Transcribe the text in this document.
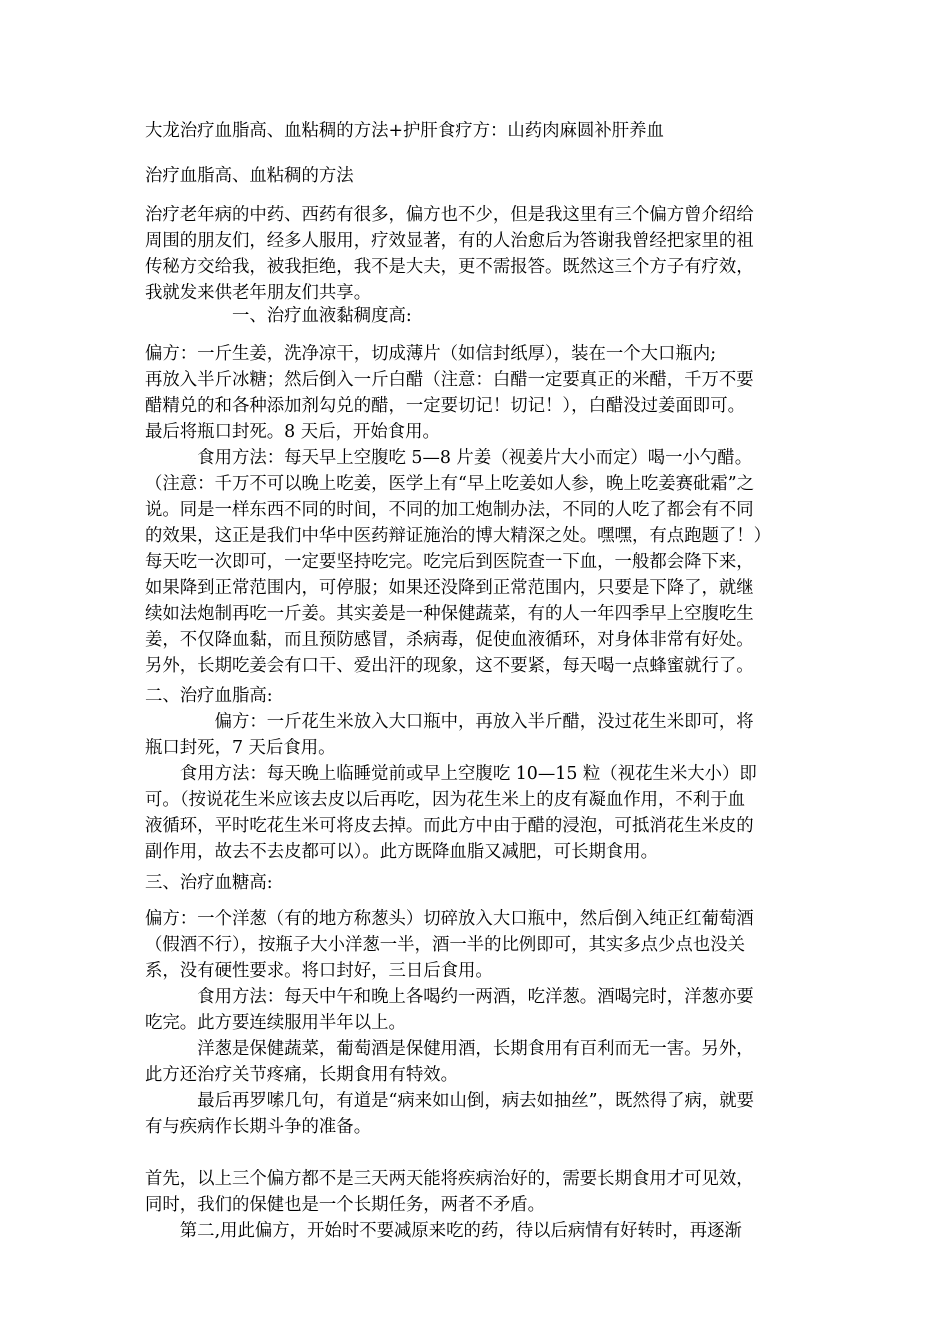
大龙治疗血脂高、血粘稠的方法+护肝食疗方：山药肉麻圆补肝养血
治疗血脂高、血粘稠的方法
治疗老年病的中药、西药有很多，偏方也不少，但是我这里有三个偏方曾介绍给
周围的朋友们，经多人服用，疗效显著，有的人治愈后为答谢我曾经把家里的祖
传秘方交给我，被我拒绝，我不是大夫，更不需报答。既然这三个方子有疗效，
我就发来供老年朋友们共享。
　　　　　一、治疗血液黏稠度高:
偏方：一斤生姜，洗净凉干，切成薄片（如信封纸厚），装在一个大口瓶内;
再放入半斤冰糖；然后倒入一斤白醋（注意：白醋一定要真正的米醋，千万不要
醋精兑的和各种添加剂勾兑的醋，一定要切记！切记！），白醋没过姜面即可。
最后将瓶口封死。8 天后，开始食用。
　　　食用方法：每天早上空腹吃 5—8 片姜（视姜片大小而定）喝一小勺醋。
（注意：千万不可以晚上吃姜，医学上有“早上吃姜如人参，晚上吃姜赛砒霜”之
说。同是一样东西不同的时间，不同的加工炮制办法，不同的人吃了都会有不同
的效果，这正是我们中华中医药辩证施治的博大精深之处。嘿嘿，有点跑题了！）
每天吃一次即可，一定要坚持吃完。吃完后到医院查一下血，一般都会降下来，
如果降到正常范围内，可停服；如果还没降到正常范围内，只要是下降了，就继
续如法炮制再吃一斤姜。其实姜是一种保健蔬菜，有的人一年四季早上空腹吃生
姜，不仅降血黏，而且预防感冒，杀病毒，促使血液循环，对身体非常有好处。
另外，长期吃姜会有口干、爱出汗的现象，这不要紧，每天喝一点蜂蜜就行了。
二、治疗血脂高:
　　　　偏方：一斤花生米放入大口瓶中，再放入半斤醋，没过花生米即可，将
瓶口封死，7 天后食用。
　　食用方法：每天晚上临睡觉前或早上空腹吃 10—15 粒（视花生米大小）即
可。（按说花生米应该去皮以后再吃，因为花生米上的皮有凝血作用，不利于血
液循环，平时吃花生米可将皮去掉。而此方中由于醋的浸泡，可抵消花生米皮的
副作用，故去不去皮都可以）。此方既降血脂又减肥，可长期食用。
三、治疗血糖高:
偏方：一个洋葱（有的地方称葱头）切碎放入大口瓶中，然后倒入纯正红葡萄酒
（假酒不行），按瓶子大小洋葱一半，酒一半的比例即可，其实多点少点也没关
系，没有硬性要求。将口封好，三日后食用。
　　　食用方法：每天中午和晚上各喝约一两酒，吃洋葱。酒喝完时，洋葱亦要
吃完。此方要连续服用半年以上。
　　　洋葱是保健蔬菜，葡萄酒是保健用酒，长期食用有百利而无一害。另外，
此方还治疗关节疼痛，长期食用有特效。
　　　最后再罗嗦几句，有道是“病来如山倒，病去如抽丝”，既然得了病，就要
有与疾病作长期斗争的准备。
首先，以上三个偏方都不是三天两天能将疾病治好的，需要长期食用才可见效，
同时，我们的保健也是一个长期任务，两者不矛盾。
　　第二,用此偏方，开始时不要减原来吃的药，待以后病情有好转时，再逐渐
